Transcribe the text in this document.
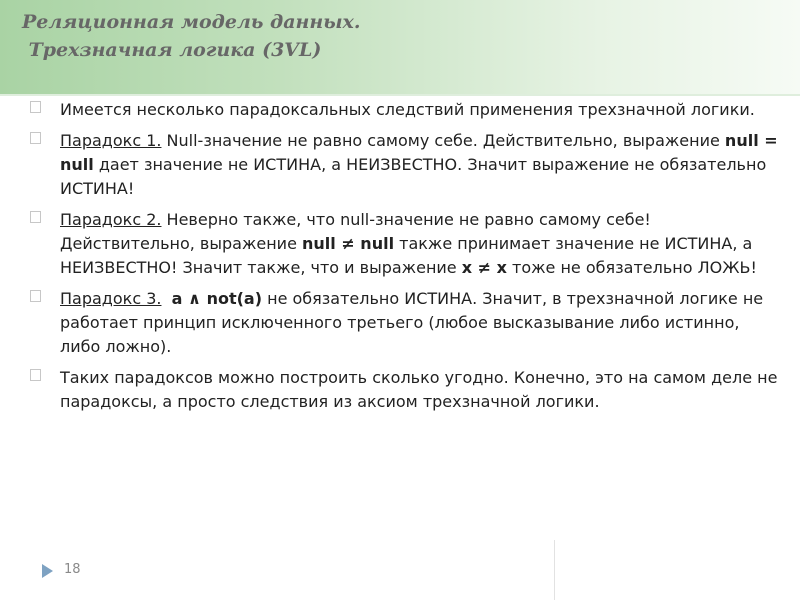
Реляционная модель данных.
Трехзначная логика (3VL)
Имеется несколько парадоксальных следствий применения трехзначной логики.
Парадокс 1. Null-значение не равно самому себе. Действительно, выражение null = null дает значение не ИСТИНА, а НЕИЗВЕСТНО. Значит выражение не обязательно ИСТИНА!
Парадокс 2. Неверно также, что null-значение не равно самому себе! Действительно, выражение null ≠ null также принимает значение не ИСТИНА, а НЕИЗВЕСТНО! Значит также, что и выражение x ≠ x тоже не обязательно ЛОЖЬ!
Парадокс 3. a ∧ not(a) не обязательно ИСТИНА. Значит, в трехзначной логике не работает принцип исключенного третьего (любое высказывание либо истинно, либо ложно).
Таких парадоксов можно построить сколько угодно. Конечно, это на самом деле не парадоксы, а просто следствия из аксиом трехзначной логики.
18
